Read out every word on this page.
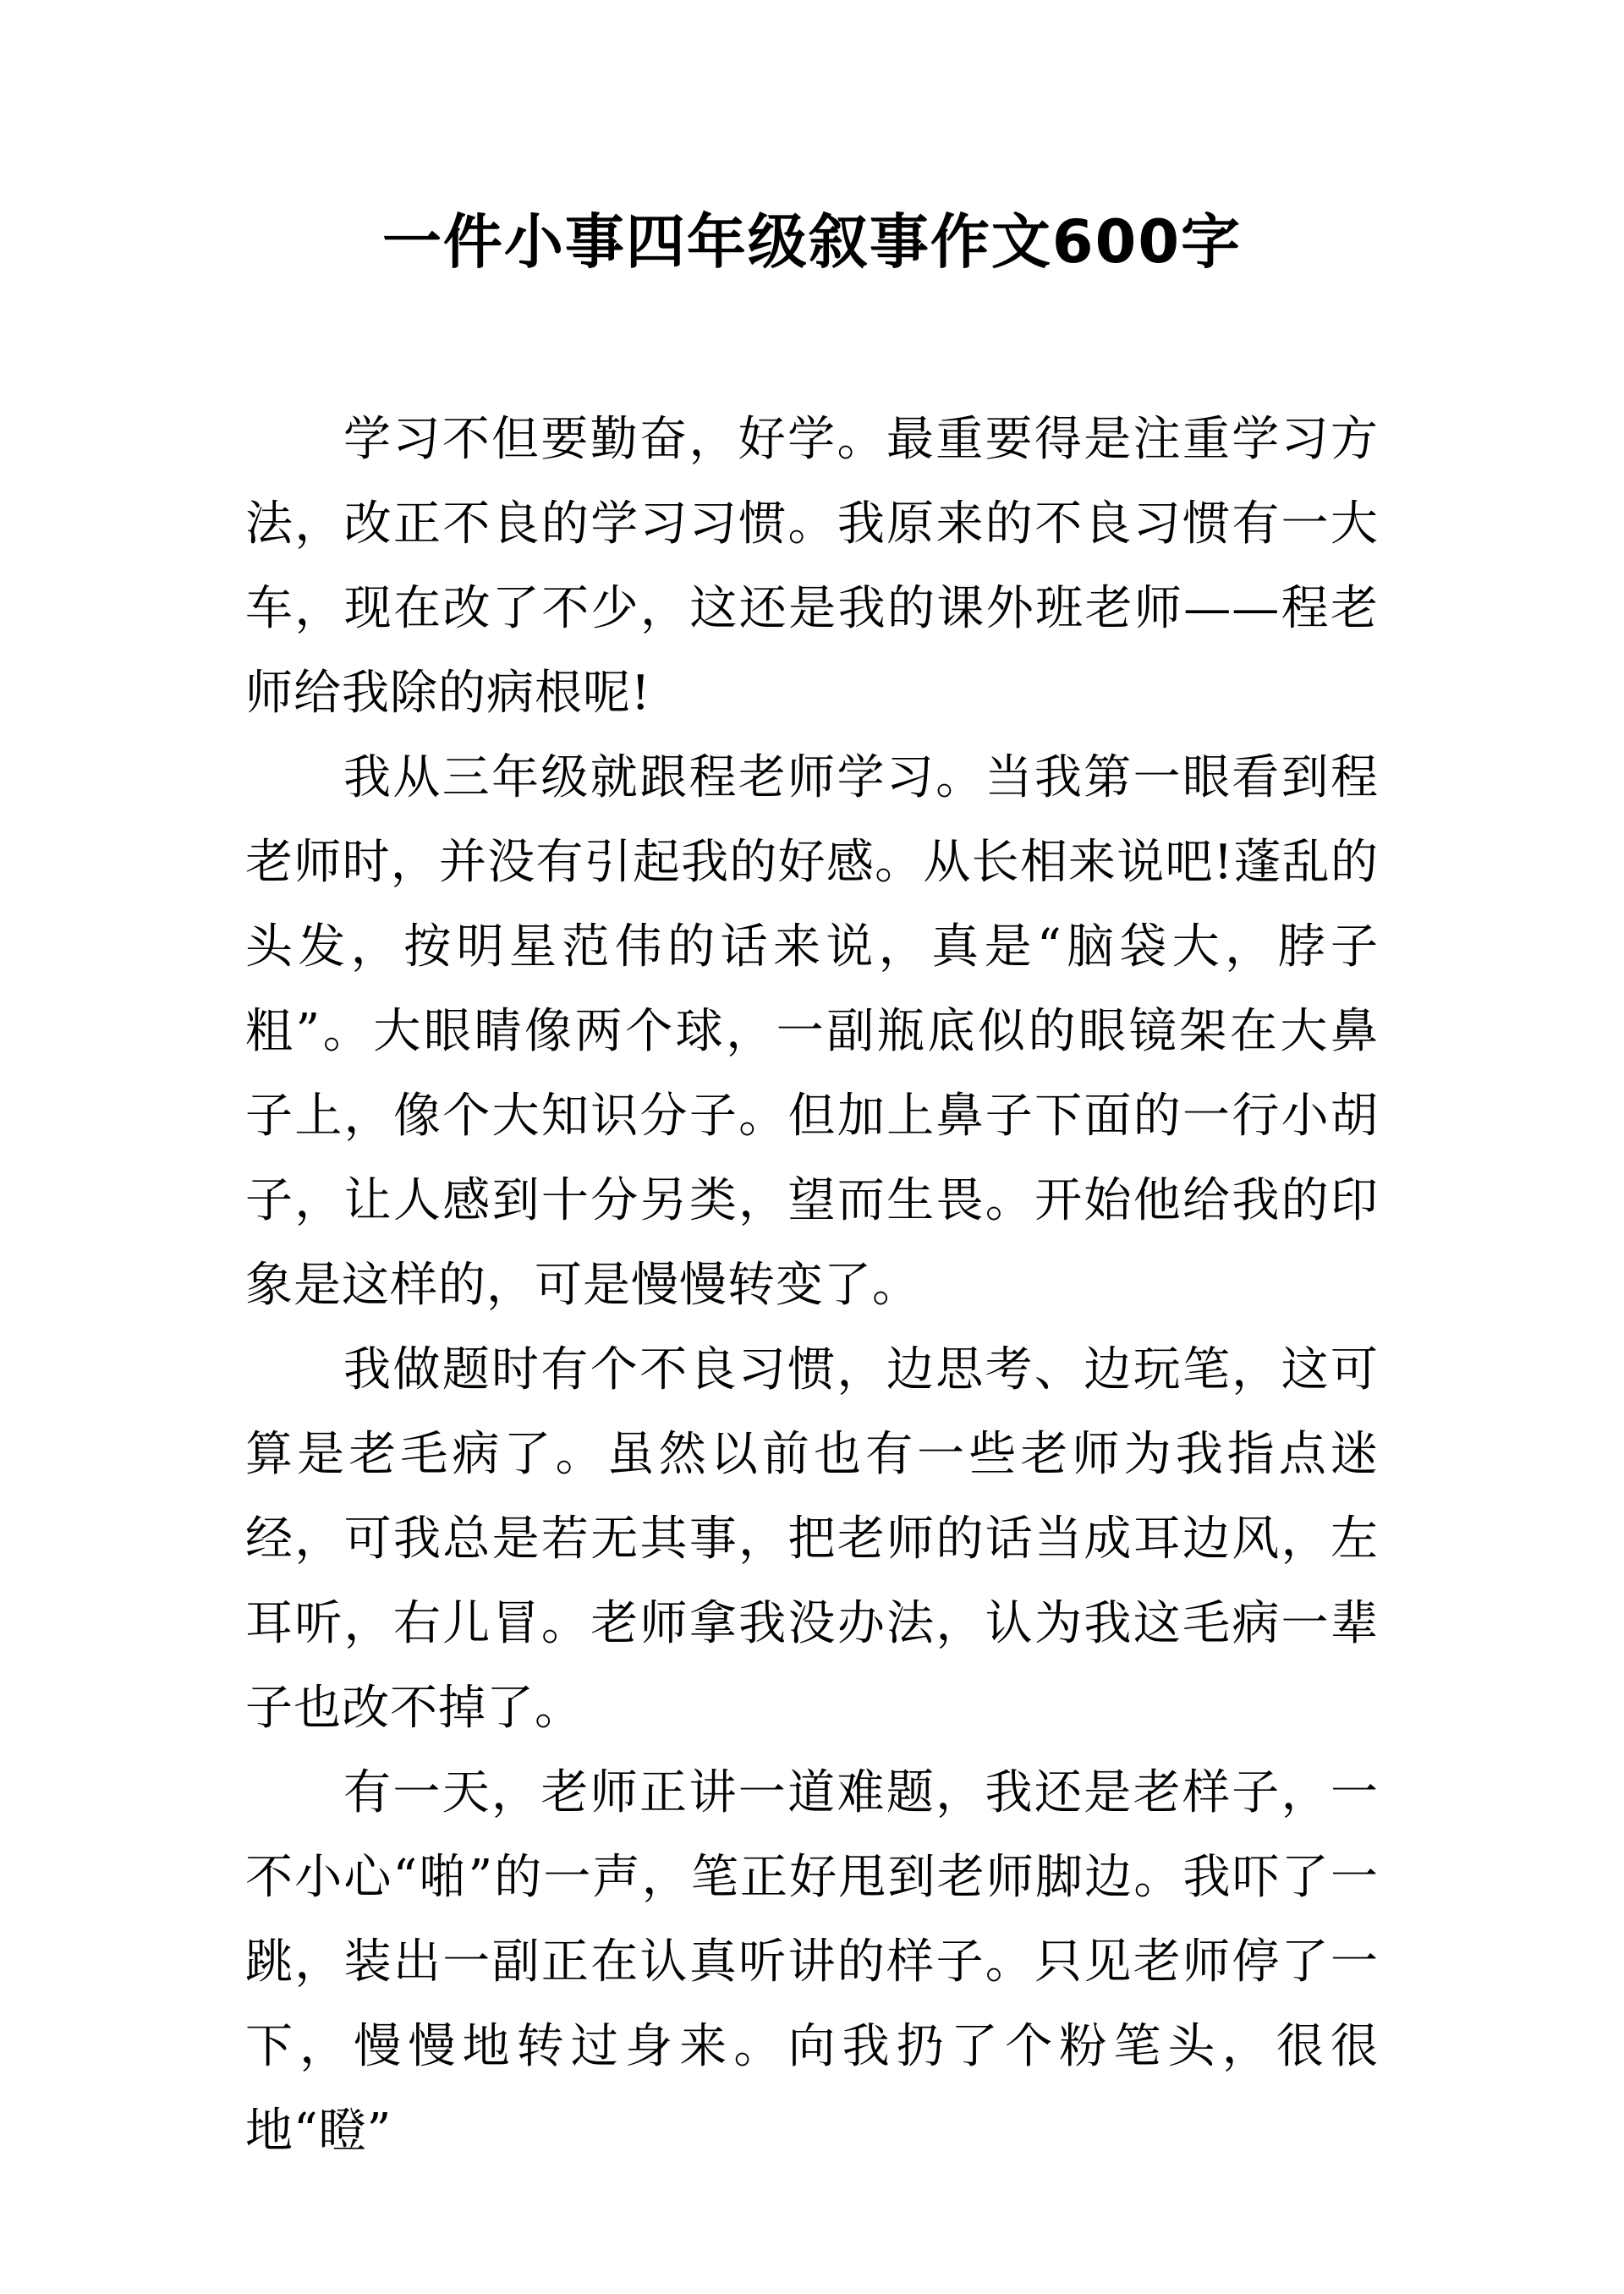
一件小事四年级叙事作文600字

学习不但要勤奋，好学。最重要得是注重学习方法，改正不良的学习习惯。我原来的不良习惯有一大车，现在改了不少，这还是我的课外班老师——程老师给我除的病根呢!

我从三年级就跟程老师学习。当我第一眼看到程老师时，并没有引起我的好感。从长相来说吧!蓬乱的头发，按明星范伟的话来说，真是“脑袋大，脖子粗”。大眼睛像两个球，一副瓶底似的眼镜架在大鼻子上，像个大知识分子。但加上鼻子下面的一行小胡子，让人感到十分另类，望而生畏。开始他给我的印象是这样的，可是慢慢转变了。

我做题时有个不良习惯，边思考、边玩笔，这可算是老毛病了。虽然以前也有一些老师为我指点迷经，可我总是若无其事，把老师的话当成耳边风，左耳听，右儿冒。老师拿我没办法，认为我这毛病一辈子也改不掉了。

有一天，老师正讲一道难题，我还是老样子，一不小心“啪”的一声，笔正好甩到老师脚边。我吓了一跳，装出一副正在认真听讲的样子。只见老师停了一下，慢慢地转过身来。向我扔了个粉笔头，很很地“瞪”
